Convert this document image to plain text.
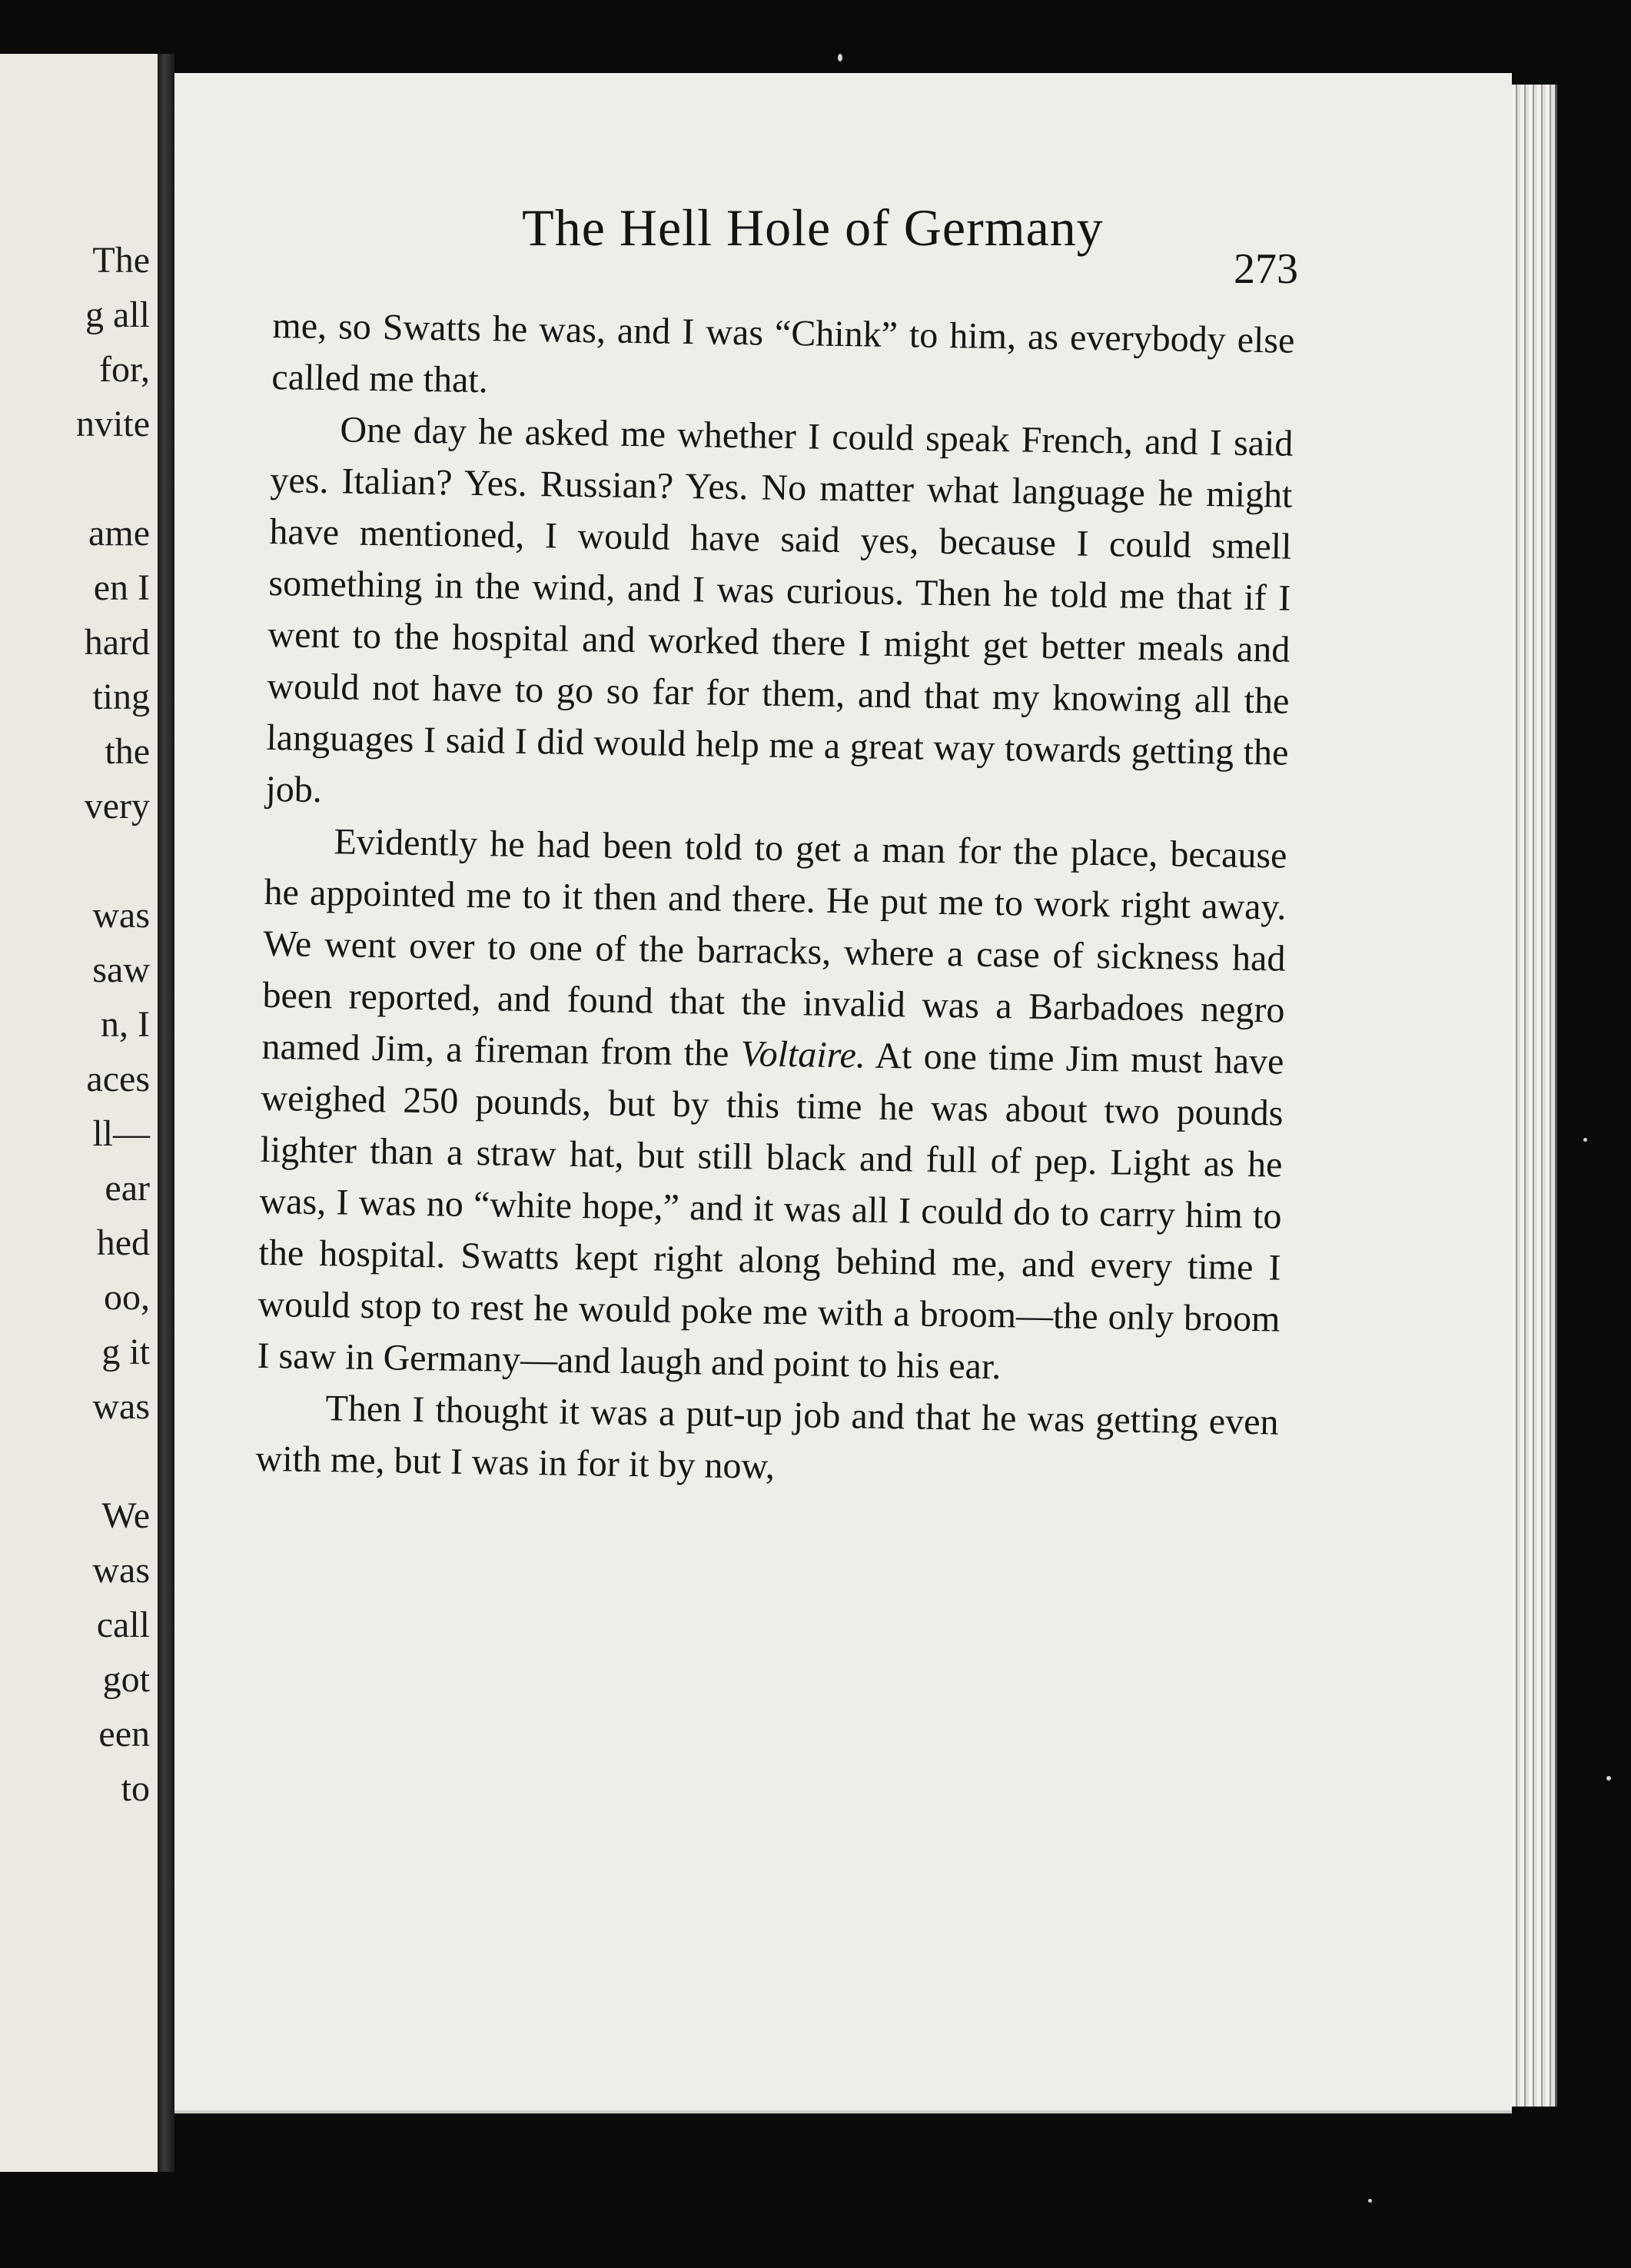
The
g all
for,
nvite
ame
en I
hard
ting
the
very
was
saw
n, I
aces
ll—
ear
hed
oo,
g it
was
We
was
call
got
een
to
The Hell Hole of Germany
273

me, so Swatts he was, and I was “Chink” to him, as everybody else called me that.

One day he asked me whether I could speak French, and I said yes. Italian? Yes. Russian? Yes. No matter what language he might have mentioned, I would have said yes, because I could smell something in the wind, and I was curious. Then he told me that if I went to the hospital and worked there I might get better meals and would not have to go so far for them, and that my knowing all the languages I said I did would help me a great way towards getting the job.

Evidently he had been told to get a man for the place, because he appointed me to it then and there. He put me to work right away. We went over to one of the barracks, where a case of sickness had been reported, and found that the invalid was a Barbadoes negro named Jim, a fireman from the Voltaire. At one time Jim must have weighed 250 pounds, but by this time he was about two pounds lighter than a straw hat, but still black and full of pep. Light as he was, I was no “white hope,” and it was all I could do to carry him to the hospital. Swatts kept right along behind me, and every time I would stop to rest he would poke me with a broom—the only broom I saw in Germany—and laugh and point to his ear.

Then I thought it was a put-up job and that he was getting even with me, but I was in for it by now,
